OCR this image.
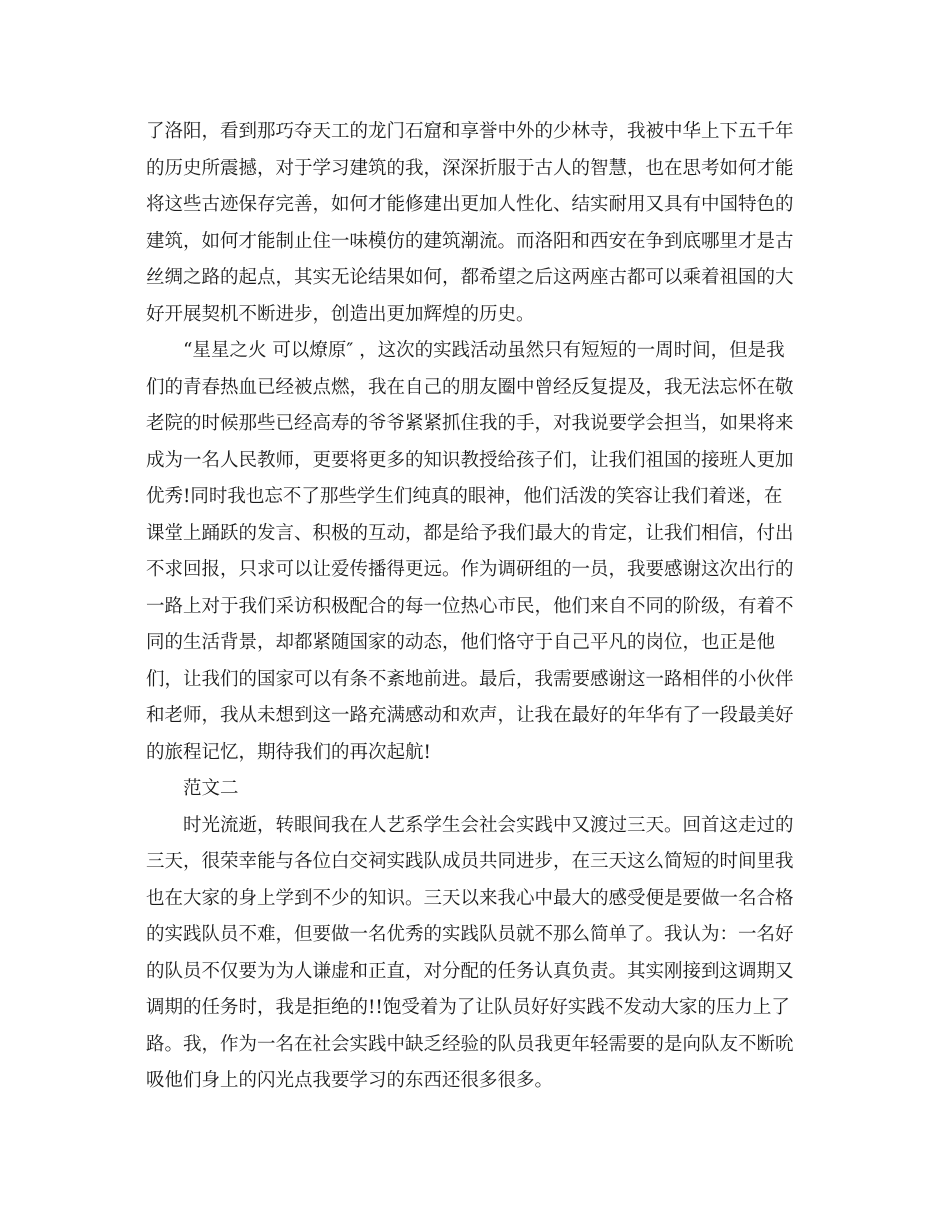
了洛阳，看到那巧夺天工的龙门石窟和享誉中外的少林寺，我被中华上下五千年
的历史所震撼，对于学习建筑的我，深深折服于古人的智慧，也在思考如何才能
将这些古迹保存完善，如何才能修建出更加人性化、结实耐用又具有中国特色的
建筑，如何才能制止住一味模仿的建筑潮流。而洛阳和西安在争到底哪里才是古
丝绸之路的起点，其实无论结果如何，都希望之后这两座古都可以乘着祖国的大
好开展契机不断进步，创造出更加辉煌的历史。
“星星之火 可以燎原″ ，这次的实践活动虽然只有短短的一周时间，但是我
们的青春热血已经被点燃，我在自己的朋友圈中曾经反复提及，我无法忘怀在敬
老院的时候那些已经高寿的爷爷紧紧抓住我的手，对我说要学会担当，如果将来
成为一名人民教师，更要将更多的知识教授给孩子们，让我们祖国的接班人更加
优秀!同时我也忘不了那些学生们纯真的眼神，他们活泼的笑容让我们着迷，在
课堂上踊跃的发言、积极的互动，都是给予我们最大的肯定，让我们相信，付出
不求回报，只求可以让爱传播得更远。作为调研组的一员，我要感谢这次出行的
一路上对于我们采访积极配合的每一位热心市民，他们来自不同的阶级，有着不
同的生活背景，却都紧随国家的动态，他们恪守于自己平凡的岗位，也正是他
们，让我们的国家可以有条不紊地前进。最后，我需要感谢这一路相伴的小伙伴
和老师，我从未想到这一路充满感动和欢声，让我在最好的年华有了一段最美好
的旅程记忆，期待我们的再次起航!
范文二
时光流逝，转眼间我在人艺系学生会社会实践中又渡过三天。回首这走过的
三天，很荣幸能与各位白交祠实践队成员共同进步，在三天这么简短的时间里我
也在大家的身上学到不少的知识。三天以来我心中最大的感受便是要做一名合格
的实践队员不难，但要做一名优秀的实践队员就不那么简单了。我认为：一名好
的队员不仅要为为人谦虚和正直，对分配的任务认真负责。其实刚接到这调期又
调期的任务时，我是拒绝的!!饱受着为了让队员好好实践不发动大家的压力上了
路。我，作为一名在社会实践中缺乏经验的队员我更年轻需要的是向队友不断吮
吸他们身上的闪光点我要学习的东西还很多很多。
